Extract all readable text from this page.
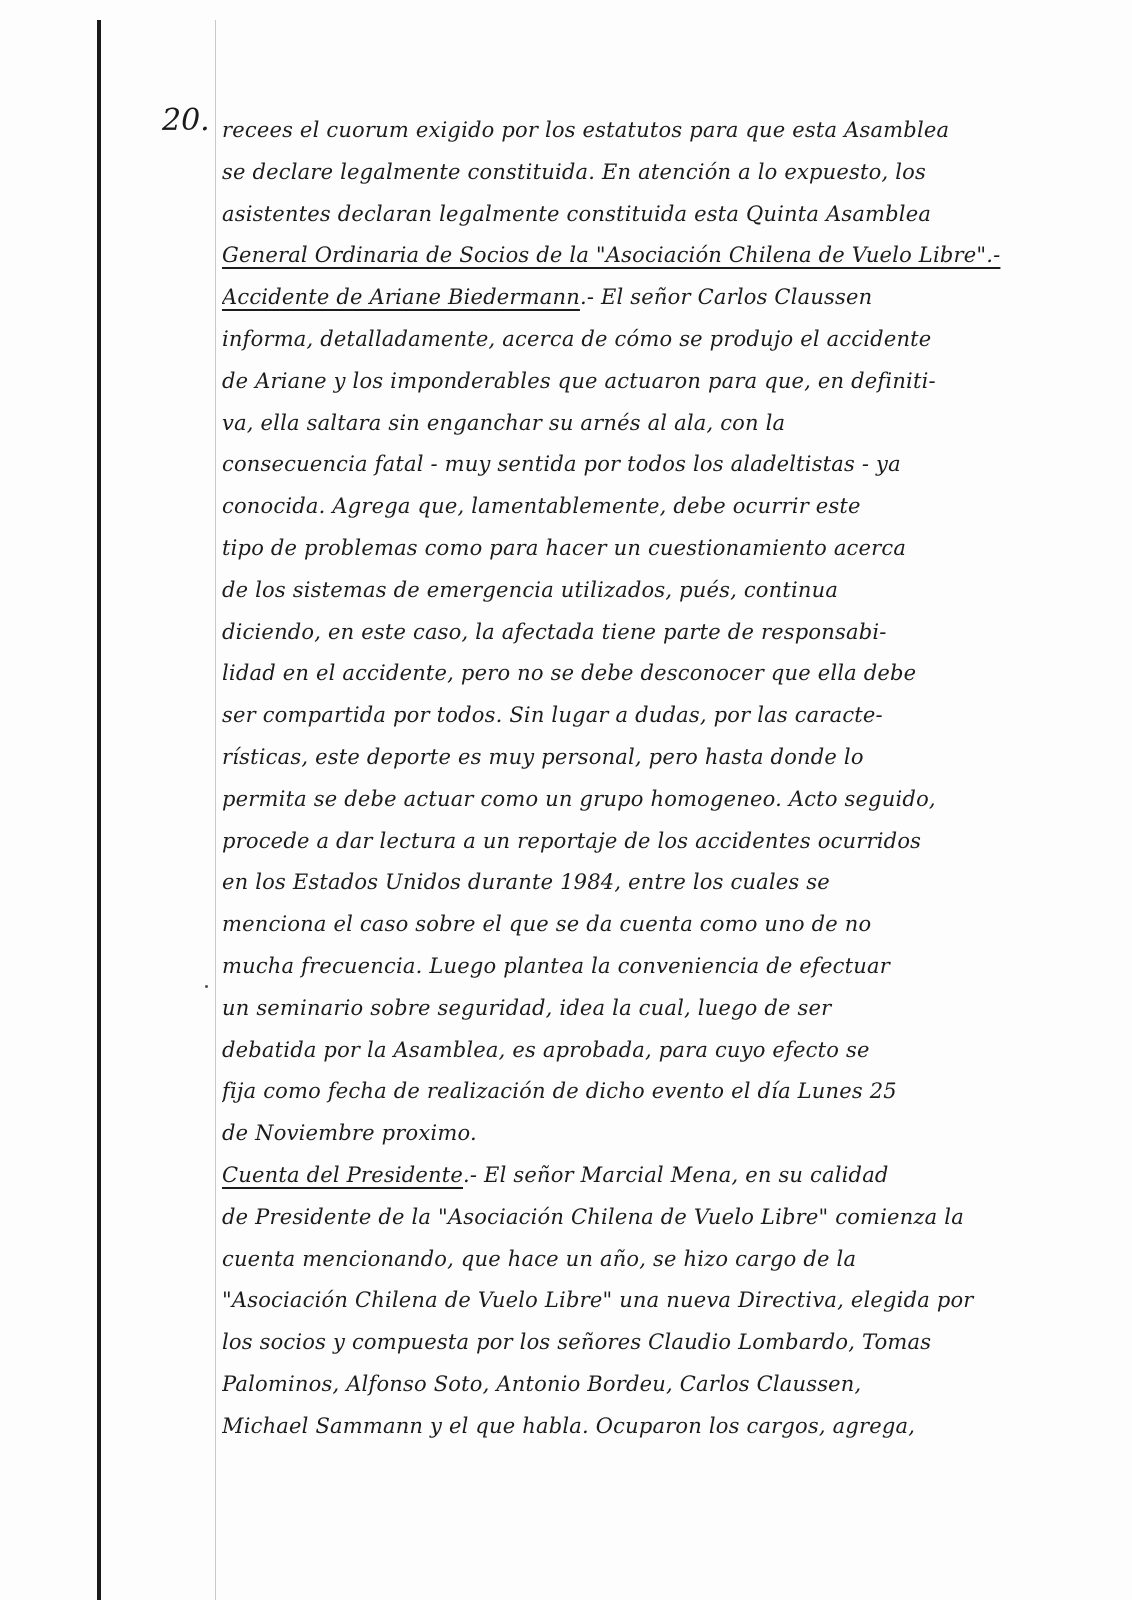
20. recees el cuorum exigido por los estatutos para que esta Asamblea
se declare legalmente constituida. En atención a lo expuesto, los
asistentes declaran legalmente constituida esta Quinta Asamblea
General Ordinaria de Socios de la "Asociación Chilena de Vuelo Libre".-
Accidente de Ariane Biedermann.- El señor Carlos Claussen
informa, detalladamente, acerca de cómo se produjo el accidente
de Ariane y los imponderables que actuaron para que, en definiti-
va, ella saltara sin enganchar su arnés al ala, con la
consecuencia fatal - muy sentida por todos los aladeltistas - ya
conocida. Agrega que, lamentablemente, debe ocurrir este
tipo de problemas como para hacer un cuestionamiento acerca
de los sistemas de emergencia utilizados, pués, continua
diciendo, en este caso, la afectada tiene parte de responsabi-
lidad en el accidente, pero no se debe desconocer que ella debe
ser compartida por todos. Sin lugar a dudas, por las caracte-
rísticas, este deporte es muy personal, pero hasta donde lo
permita se debe actuar como un grupo homogeneo. Acto seguido,
procede a dar lectura a un reportaje de los accidentes ocurridos
en los Estados Unidos durante 1984, entre los cuales se
menciona el caso sobre el que se da cuenta como uno de no
mucha frecuencia. Luego plantea la conveniencia de efectuar
un seminario sobre seguridad, idea la cual, luego de ser
debatida por la Asamblea, es aprobada, para cuyo efecto se
fija como fecha de realización de dicho evento el día Lunes 25
de Noviembre proximo.
Cuenta del Presidente.- El señor Marcial Mena, en su calidad
de Presidente de la "Asociación Chilena de Vuelo Libre" comienza la
cuenta mencionando, que hace un año, se hizo cargo de la
"Asociación Chilena de Vuelo Libre" una nueva Directiva, elegida por
los socios y compuesta por los señores Claudio Lombardo, Tomas
Palominos, Alfonso Soto, Antonio Bordeu, Carlos Claussen,
Michael Sammann y el que habla. Ocuparon los cargos, agrega,
